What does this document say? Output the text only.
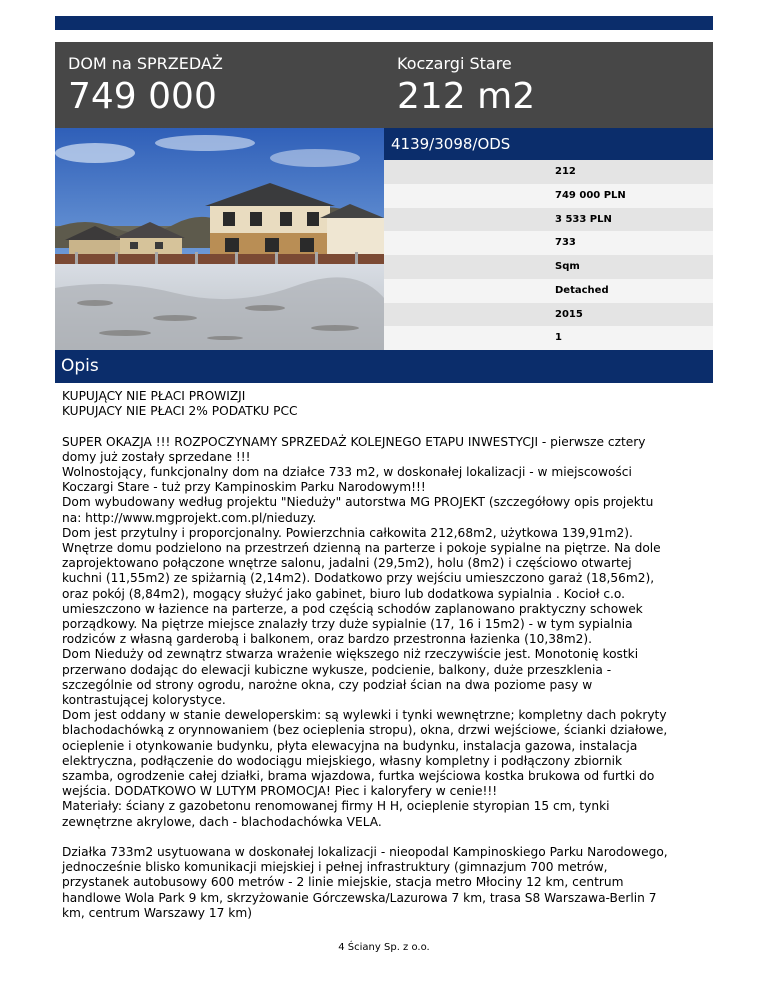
DOM na SPRZEDAŻ
749 000
Koczargi Stare
212 m2
4139/3098/ODS
212
749 000 PLN
3 533 PLN
733
Sqm
Detached
2015
1
Opis

KUPUJĄCY NIE PŁACI PROWIZJI

KUPUJACY NIE PŁACI 2% PODATKU PCC

SUPER OKAZJA !!! ROZPOCZYNAMY SPRZEDAŻ KOLEJNEGO ETAPU INWESTYCJI - pierwsze cztery

domy już zostały sprzedane !!!

Wolnostojący, funkcjonalny dom na działce 733 m2, w doskonałej lokalizacji - w miejscowości

Koczargi Stare - tuż przy Kampinoskim Parku Narodowym!!!

Dom wybudowany według projektu "Nieduży" autorstwa MG PROJEKT (szczegółowy opis projektu

na: http://www.mgprojekt.com.pl/nieduzy.

Dom jest przytulny i proporcjonalny. Powierzchnia całkowita 212,68m2, użytkowa 139,91m2).

Wnętrze domu podzielono na przestrzeń dzienną na parterze i pokoje sypialne na piętrze. Na dole

zaprojektowano połączone wnętrze salonu, jadalni (29,5m2), holu (8m2) i częściowo otwartej

kuchni (11,55m2) ze spiżarnią (2,14m2). Dodatkowo przy wejściu umieszczono garaż (18,56m2),

oraz pokój (8,84m2), mogący służyć jako gabinet, biuro lub dodatkowa sypialnia . Kocioł c.o.

umieszczono w łazience na parterze, a pod częścią schodów zaplanowano praktyczny schowek

porządkowy. Na piętrze miejsce znalazły trzy duże sypialnie (17, 16 i 15m2) - w tym sypialnia

rodziców z własną garderobą i balkonem, oraz bardzo przestronna łazienka (10,38m2).

Dom Nieduży od zewnątrz stwarza wrażenie większego niż rzeczywiście jest. Monotonię kostki

przerwano dodając do elewacji kubiczne wykusze, podcienie, balkony, duże przeszklenia -

szczególnie od strony ogrodu, narożne okna, czy podział ścian na dwa poziome pasy w

kontrastującej kolorystyce.

Dom jest oddany w stanie deweloperskim: są wylewki i tynki wewnętrzne; kompletny dach pokryty

blachodachówką z orynnowaniem (bez ocieplenia stropu), okna, drzwi wejściowe, ścianki działowe,

ocieplenie i otynkowanie budynku, płyta elewacyjna na budynku, instalacja gazowa, instalacja

elektryczna, podłączenie do wodociągu miejskiego, własny kompletny i podłączony zbiornik

szamba, ogrodzenie całej działki, brama wjazdowa, furtka wejściowa kostka brukowa od furtki do

wejścia. DODATKOWO W LUTYM PROMOCJA! Piec i kaloryfery w cenie!!!

Materiały: ściany z gazobetonu renomowanej firmy H H, ocieplenie styropian 15 cm, tynki

zewnętrzne akrylowe, dach - blachodachówka VELA.

Działka 733m2 usytuowana w doskonałej lokalizacji - nieopodal Kampinoskiego Parku Narodowego,

jednocześnie blisko komunikacji miejskiej i pełnej infrastruktury (gimnazjum 700 metrów,

przystanek autobusowy 600 metrów - 2 linie miejskie, stacja metro Młociny 12 km, centrum

handlowe Wola Park 9 km, skrzyżowanie Górczewska/Lazurowa 7 km, trasa S8 Warszawa-Berlin 7

km, centrum Warszawy 17 km)

4 Ściany Sp. z o.o.
